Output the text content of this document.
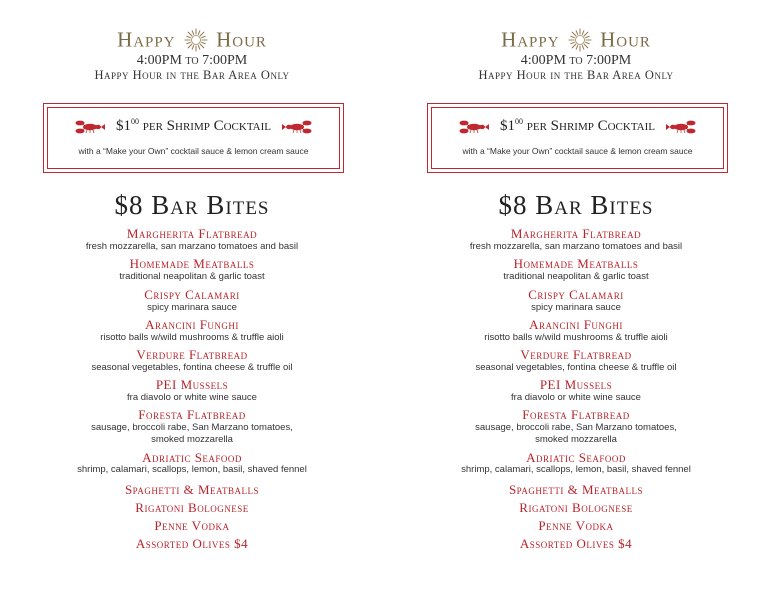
Happy Hour
4:00PM to 7:00PM
Happy Hour in the Bar Area Only
$\$1^{00}$ per Shrimp Cocktail
with a “Make your Own” cocktail sauce & lemon cream sauce
$8 Bar Bites
Margherita Flatbread
fresh mozzarella, san marzano tomatoes and basil
Homemade Meatballs
traditional neapolitan & garlic toast
Crispy Calamari
spicy marinara sauce
Arancini Funghi
risotto balls w/wild mushrooms & truffle aioli
Verdure Flatbread
seasonal vegetables, fontina cheese & truffle oil
PEI Mussels
fra diavolo or white wine sauce
Foresta Flatbread
sausage, broccoli rabe, San Marzano tomatoes,
smoked mozzarella
Adriatic Seafood
shrimp, calamari, scallops, lemon, basil, shaved fennel
Spaghetti & Meatballs
Rigatoni Bolognese
Penne Vodka
Assorted Olives $4
Happy Hour
4:00PM to 7:00PM
Happy Hour in the Bar Area Only
$\$1^{00}$ per Shrimp Cocktail
with a “Make your Own” cocktail sauce & lemon cream sauce
$8 Bar Bites
Margherita Flatbread
fresh mozzarella, san marzano tomatoes and basil
Homemade Meatballs
traditional neapolitan & garlic toast
Crispy Calamari
spicy marinara sauce
Arancini Funghi
risotto balls w/wild mushrooms & truffle aioli
Verdure Flatbread
seasonal vegetables, fontina cheese & truffle oil
PEI Mussels
fra diavolo or white wine sauce
Foresta Flatbread
sausage, broccoli rabe, San Marzano tomatoes,
smoked mozzarella
Adriatic Seafood
shrimp, calamari, scallops, lemon, basil, shaved fennel
Spaghetti & Meatballs
Rigatoni Bolognese
Penne Vodka
Assorted Olives $4
